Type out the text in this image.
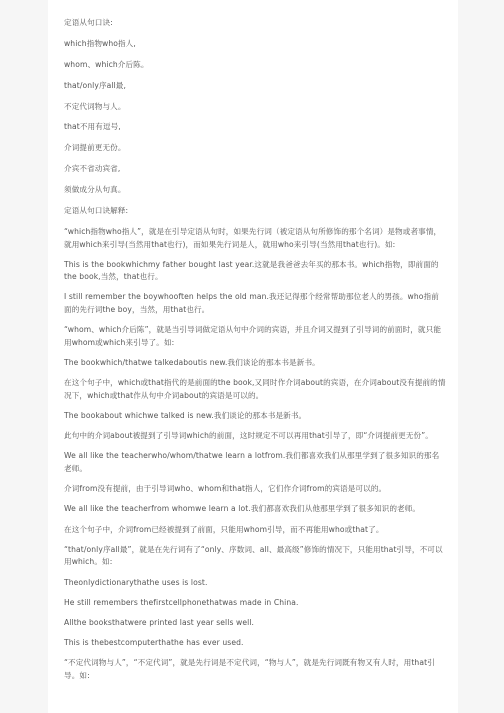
定语从句口诀:

which指物who指人,

whom、which介后陈。

that/only序all最,

不定代词物与人。

that不用有逗号,

介词提前更无份。

介宾不省动宾省,

须做成分从句真。

定语从句口诀解释:

“which指物who指人”，就是在引导定语从句时，如果先行词（被定语从句所修饰的那个名词）是物或者事情，就用which来引导(当然用that也行)，而如果先行词是人，就用who来引导(当然用that也行)。如:

This is the bookwhichmy father bought last year.这就是我爸爸去年买的那本书。which指物，即前面的the book,当然，that也行。

I still remember the boywhooften helps the old man.我还记得那个经常帮助那位老人的男孩。who指前面的先行词the boy，当然，用that也行。

“whom、which介后陈”，就是当引导词做定语从句中介词的宾语，并且介词又提到了引导词的前面时，就只能用whom或which来引导了。如:

The bookwhich/thatwe talkedaboutis new.我们谈论的那本书是新书。

在这个句子中，which或that指代的是前面的the book,又同时作介词about的宾语，在介词about没有提前的情况下，which或that作从句中介词about的宾语是可以的。

The bookabout whichwe talked is new.我们谈论的那本书是新书。

此句中的介词about被提到了引导词which的前面，这时规定不可以再用that引导了，即“介词提前更无份”。

We all like the teacherwho/whom/thatwe learn a lotfrom.我们都喜欢我们从那里学到了很多知识的那名老师。

介词from没有提前，由于引导词who、whom和that指人，它们作介词from的宾语是可以的。

We all like the teacherfrom whomwe learn a lot.我们都喜欢我们从他那里学到了很多知识的老师。

在这个句子中，介词from已经被提到了前面，只能用whom引导，而不再能用who或that了。

“that/only序all最”，就是在先行词有了“only、序数词、all、最高级”修饰的情况下，只能用that引导，不可以用which。如:

Theonlydictionarythathe uses is lost.

He still remembers thefirstcellphonethatwas made in China.

Allthe booksthatwere printed last year sells well.

This is thebestcomputerthathe has ever used.

“不定代词物与人”，“不定代词”，就是先行词是不定代词，“物与人”，就是先行词既有物又有人时，用that引导。如:
